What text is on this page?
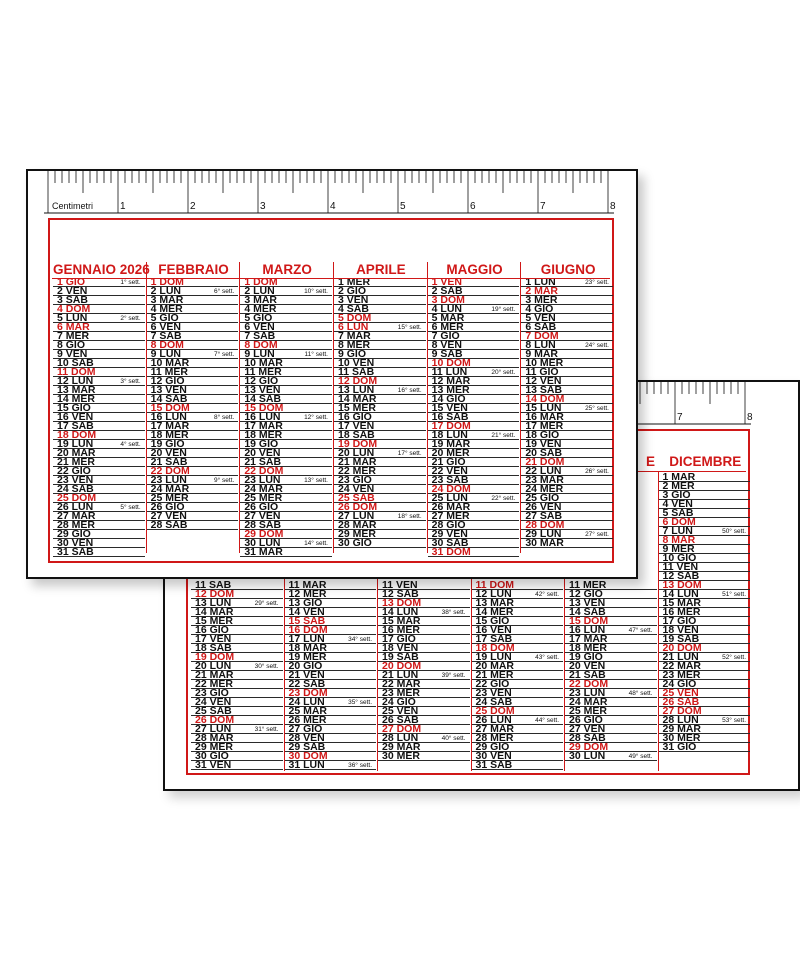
7	8
11 SAB
12 DOM
13 LUN	29° sett.
14 MAR
15 MER
16 GIO
17 VEN
18 SAB
19 DOM
20 LUN	30° sett.
21 MAR
22 MER
23 GIO
24 VEN
25 SAB
26 DOM
27 LUN	31° sett.
28 MAR
29 MER
30 GIO
31 VEN
11 MAR
12 MER
13 GIO
14 VEN
15 SAB
16 DOM
17 LUN	34° sett.
18 MAR
19 MER
20 GIO
21 VEN
22 SAB
23 DOM
24 LUN	35° sett.
25 MAR
26 MER
27 GIO
28 VEN
29 SAB
30 DOM
31 LUN	36° sett.
11 VEN
12 SAB
13 DOM
14 LUN	38° sett.
15 MAR
16 MER
17 GIO
18 VEN
19 SAB
20 DOM
21 LUN	39° sett.
22 MAR
23 MER
24 GIO
25 VEN
26 SAB
27 DOM
28 LUN	40° sett.
29 MAR
30 MER
11 DOM
12 LUN	42° sett.
13 MAR
14 MER
15 GIO
16 VEN
17 SAB
18 DOM
19 LUN	43° sett.
20 MAR
21 MER
22 GIO
23 VEN
24 SAB
25 DOM
26 LUN	44° sett.
27 MAR
28 MER
29 GIO
30 VEN
31 SAB
11 MER
12 GIO
13 VEN
14 SAB
15 DOM
16 LUN	47° sett.
17 MAR
18 MER
19 GIO
20 VEN
21 SAB
22 DOM
23 LUN	48° sett.
24 MAR
25 MER
26 GIO
27 VEN
28 SAB
29 DOM
30 LUN	49° sett.
1 MAR
2 MER
3 GIO
4 VEN
5 SAB
6 DOM
7 LUN	50° sett.
8 MAR
9 MER
10 GIO
11 VEN
12 SAB
13 DOM
14 LUN	51° sett.
15 MAR
16 MER
17 GIO
18 VEN
19 SAB
20 DOM
21 LUN	52° sett.
22 MAR
23 MER
24 GIO
25 VEN
26 SAB
27 DOM
28 LUN	53° sett.
29 MAR
30 MER
31 GIO
E	DICEMBRE
Centimetri	1	2	3	4	5	6	7	8
GENNAIO 2026
1 GIO	1° sett.
2 VEN
3 SAB
4 DOM
5 LUN	2° sett.
6 MAR
7 MER
8 GIO
9 VEN
10 SAB
11 DOM
12 LUN	3° sett.
13 MAR
14 MER
15 GIO
16 VEN
17 SAB
18 DOM
19 LUN	4° sett.
20 MAR
21 MER
22 GIO
23 VEN
24 SAB
25 DOM
26 LUN	5° sett.
27 MAR
28 MER
29 GIO
30 VEN
31 SAB
FEBBRAIO
1 DOM
2 LUN	6° sett.
3 MAR
4 MER
5 GIO
6 VEN
7 SAB
8 DOM
9 LUN	7° sett.
10 MAR
11 MER
12 GIO
13 VEN
14 SAB
15 DOM
16 LUN	8° sett.
17 MAR
18 MER
19 GIO
20 VEN
21 SAB
22 DOM
23 LUN	9° sett.
24 MAR
25 MER
26 GIO
27 VEN
28 SAB
MARZO
1 DOM
2 LUN	10° sett.
3 MAR
4 MER
5 GIO
6 VEN
7 SAB
8 DOM
9 LUN	11° sett.
10 MAR
11 MER
12 GIO
13 VEN
14 SAB
15 DOM
16 LUN	12° sett.
17 MAR
18 MER
19 GIO
20 VEN
21 SAB
22 DOM
23 LUN	13° sett.
24 MAR
25 MER
26 GIO
27 VEN
28 SAB
29 DOM
30 LUN	14° sett.
31 MAR
APRILE
1 MER
2 GIO
3 VEN
4 SAB
5 DOM
6 LUN	15° sett.
7 MAR
8 MER
9 GIO
10 VEN
11 SAB
12 DOM
13 LUN	16° sett.
14 MAR
15 MER
16 GIO
17 VEN
18 SAB
19 DOM
20 LUN	17° sett.
21 MAR
22 MER
23 GIO
24 VEN
25 SAB
26 DOM
27 LUN	18° sett.
28 MAR
29 MER
30 GIO
MAGGIO
1 VEN
2 SAB
3 DOM
4 LUN	19° sett.
5 MAR
6 MER
7 GIO
8 VEN
9 SAB
10 DOM
11 LUN	20° sett.
12 MAR
13 MER
14 GIO
15 VEN
16 SAB
17 DOM
18 LUN	21° sett.
19 MAR
20 MER
21 GIO
22 VEN
23 SAB
24 DOM
25 LUN	22° sett.
26 MAR
27 MER
28 GIO
29 VEN
30 SAB
31 DOM
GIUGNO
1 LUN	23° sett.
2 MAR
3 MER
4 GIO
5 VEN
6 SAB
7 DOM
8 LUN	24° sett.
9 MAR
10 MER
11 GIO
12 VEN
13 SAB
14 DOM
15 LUN	25° sett.
16 MAR
17 MER
18 GIO
19 VEN
20 SAB
21 DOM
22 LUN	26° sett.
23 MAR
24 MER
25 GIO
26 VEN
27 SAB
28 DOM
29 LUN	27° sett.
30 MAR
